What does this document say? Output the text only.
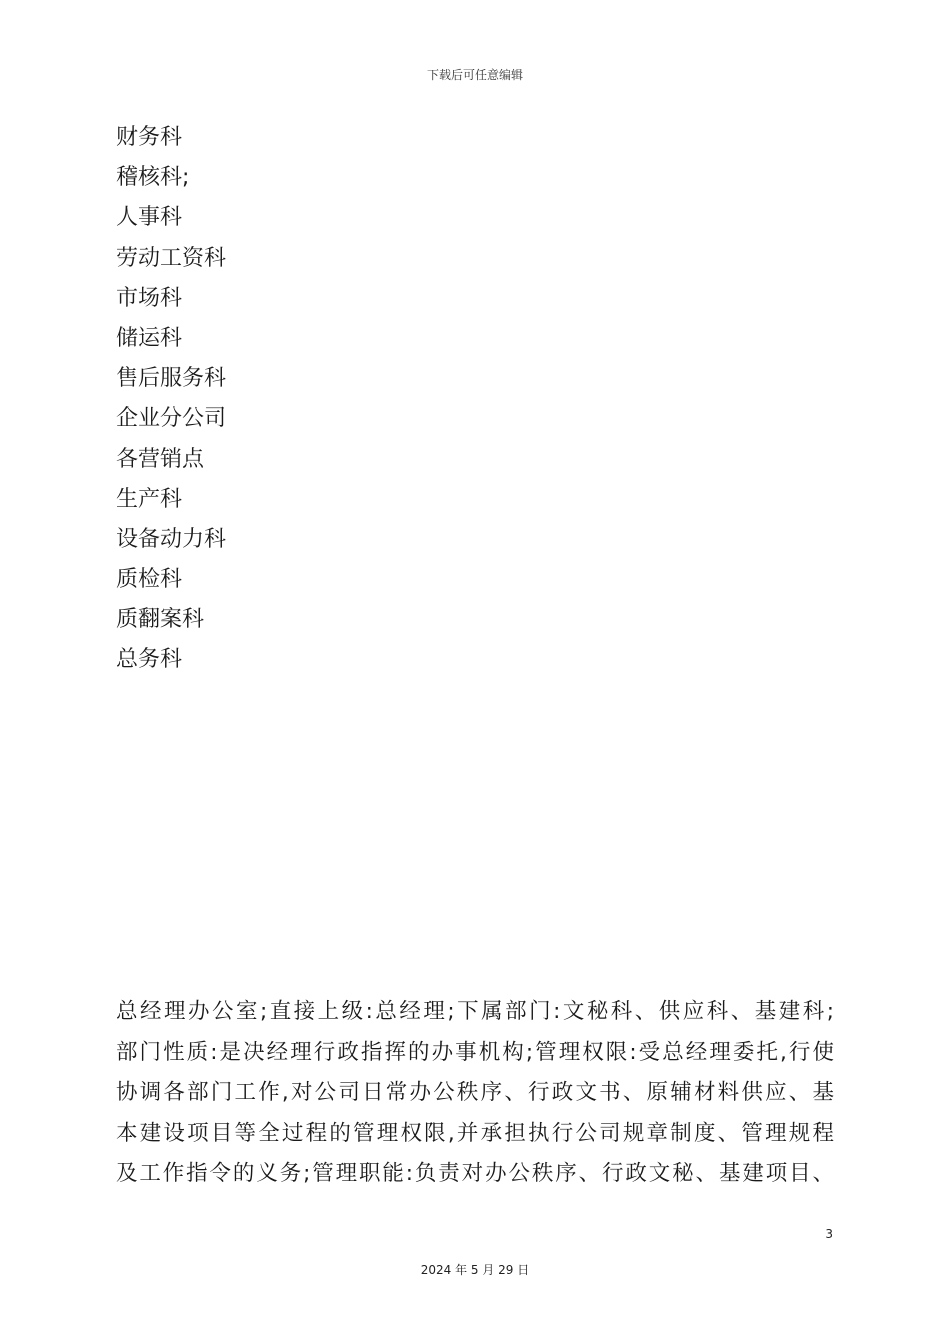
下载后可任意编辑
财务科
稽核科;
人事科
劳动工资科
市场科
储运科
售后服务科
企业分公司
各营销点
生产科
设备动力科
质检科
质翻案科
总务科

总经理办公室;直接上级:总经理;下属部门:文秘科、供应科、基建科;
部门性质:是决经理行政指挥的办事机构;管理权限:受总经理委托,行使
协调各部门工作,对公司日常办公秩序、行政文书、原辅材料供应、基
本建设项目等全过程的管理权限,并承担执行公司规章制度、管理规程
及工作指令的义务;管理职能:负责对办公秩序、行政文秘、基建项目、

3
2024 年 5 月 29 日
